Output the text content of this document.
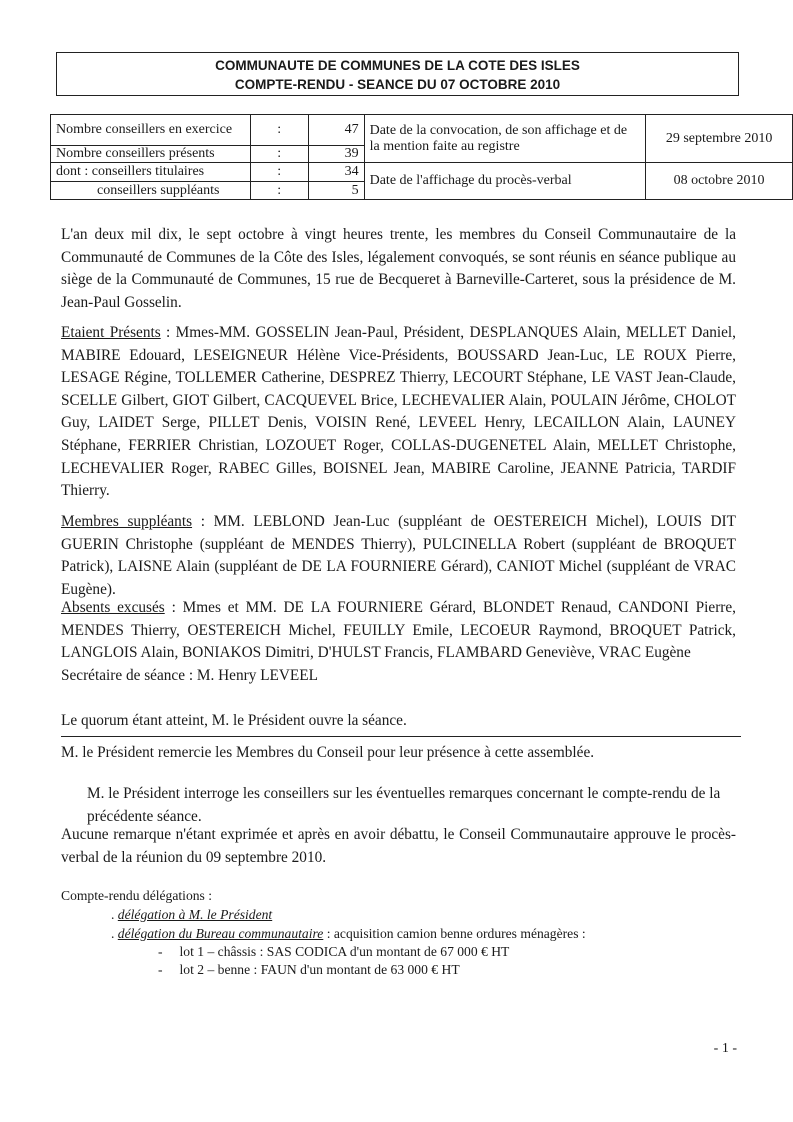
COMMUNAUTE DE COMMUNES DE LA COTE DES ISLES
COMPTE-RENDU - SEANCE DU 07 OCTOBRE 2010
Nombre conseillers en exercice	:	47	Date de la convocation, de son affichage et de la mention faite au registre	29 septembre 2010
Nombre conseillers présents	:	39		
dont : conseillers titulaires	:	34	Date de l'affichage du procès-verbal	08 octobre 2010
conseillers suppléants	:	5		

L'an deux mil dix, le sept octobre à vingt heures trente, les membres du Conseil Communautaire de la Communauté de Communes de la Côte des Isles, légalement convoqués, se sont réunis en séance publique au siège de la Communauté de Communes, 15 rue de Becqueret à Barneville-Carteret, sous la présidence de M. Jean-Paul Gosselin.

Etaient Présents : Mmes-MM. GOSSELIN Jean-Paul, Président, DESPLANQUES Alain, MELLET Daniel, MABIRE Edouard, LESEIGNEUR Hélène Vice-Présidents, BOUSSARD Jean-Luc, LE ROUX Pierre, LESAGE Régine, TOLLEMER Catherine, DESPREZ Thierry, LECOURT Stéphane, LE VAST Jean-Claude, SCELLE Gilbert, GIOT Gilbert, CACQUEVEL Brice, LECHEVALIER Alain, POULAIN Jérôme, CHOLOT Guy, LAIDET Serge, PILLET Denis, VOISIN René, LEVEEL Henry, LECAILLON Alain, LAUNEY Stéphane, FERRIER Christian, LOZOUET Roger, COLLAS-DUGENETEL Alain, MELLET Christophe, LECHEVALIER Roger, RABEC Gilles, BOISNEL Jean, MABIRE Caroline, JEANNE Patricia, TARDIF Thierry.

Membres suppléants : MM. LEBLOND Jean-Luc (suppléant de OESTEREICH Michel), LOUIS DIT GUERIN Christophe (suppléant de MENDES Thierry), PULCINELLA Robert (suppléant de BROQUET Patrick), LAISNE Alain (suppléant de DE LA FOURNIERE Gérard), CANIOT Michel (suppléant de VRAC Eugène).

Absents excusés : Mmes et MM. DE LA FOURNIERE Gérard, BLONDET Renaud, CANDONI Pierre, MENDES Thierry, OESTEREICH Michel, FEUILLY Emile, LECOEUR Raymond, BROQUET Patrick, LANGLOIS Alain, BONIAKOS Dimitri, D'HULST Francis, FLAMBARD Geneviève, VRAC Eugène

Secrétaire de séance : M. Henry LEVEEL

Le quorum étant atteint, M. le Président ouvre la séance.

M. le Président remercie les Membres du Conseil pour leur présence à cette assemblée.

M. le Président interroge les conseillers sur les éventuelles remarques concernant le compte-rendu de la précédente séance.

Aucune remarque n'étant exprimée et après en avoir débattu, le Conseil Communautaire approuve le procès-verbal de la réunion du 09 septembre 2010.

Compte-rendu délégations :

. délégation à M. le Président

. délégation du Bureau communautaire : acquisition camion benne ordures ménagères :

-     lot 1 – châssis : SAS CODICA d'un montant de 67 000 € HT

-     lot 2 – benne : FAUN d'un montant de 63 000 € HT

- 1 -
